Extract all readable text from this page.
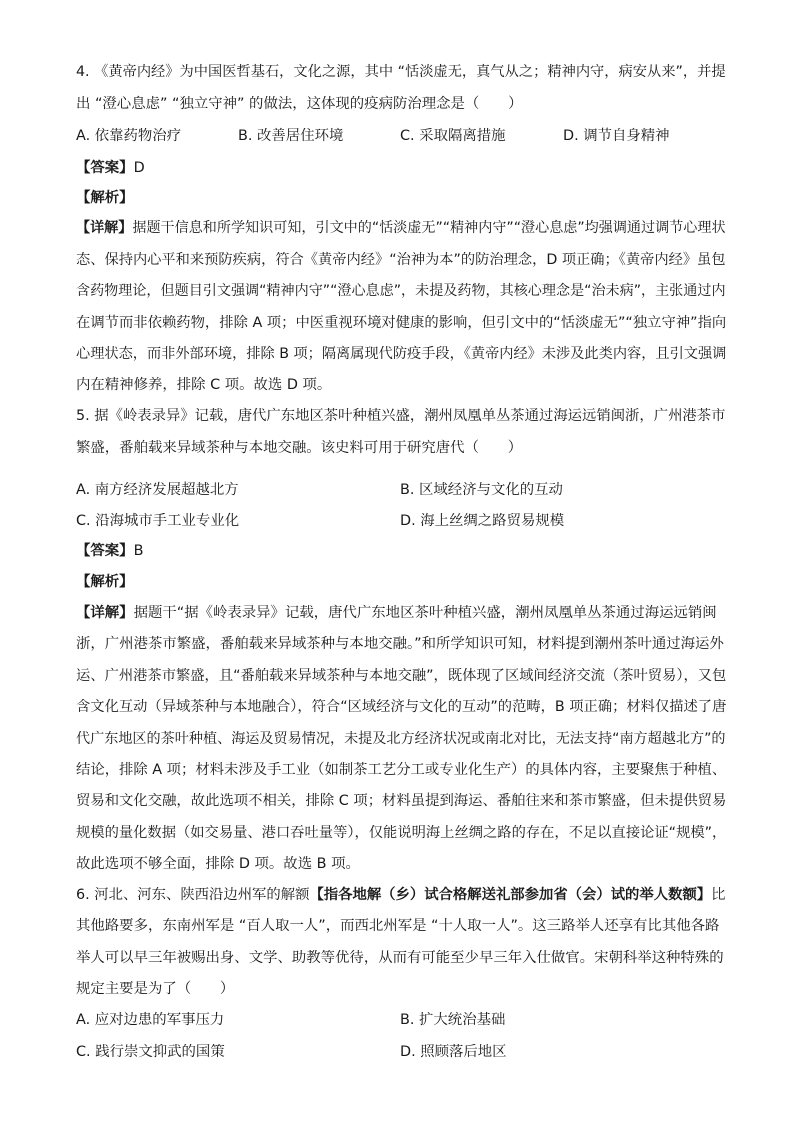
4. 《黄帝内经》为中国医哲基石，文化之源，其中 “恬淡虚无，真气从之；精神内守，病安从来”，并提
出 “澄心息虑” “独立守神” 的做法，这体现的疫病防治理念是（　　）
A. 依靠药物治疗	B. 改善居住环境	C. 采取隔离措施	D. 调节自身精神
【答案】D
【解析】
【详解】据题干信息和所学知识可知，引文中的“恬淡虚无”“精神内守”“澄心息虑”均强调通过调节心理状
态、保持内心平和来预防疾病，符合《黄帝内经》“治神为本”的防治理念，D 项正确；《黄帝内经》虽包
含药物理论，但题目引文强调“精神内守”“澄心息虑”，未提及药物，其核心理念是“治未病”，主张通过内
在调节而非依赖药物，排除 A 项；中医重视环境对健康的影响，但引文中的“恬淡虚无”“独立守神”指向
心理状态，而非外部环境，排除 B 项；隔离属现代防疫手段，《黄帝内经》未涉及此类内容，且引文强调
内在精神修养，排除 C 项。故选 D 项。
5. 据《岭表录异》记载，唐代广东地区茶叶种植兴盛，潮州凤凰单丛茶通过海运远销闽浙，广州港茶市
繁盛，番舶载来异域茶种与本地交融。该史料可用于研究唐代（　　）
A. 南方经济发展超越北方	B. 区域经济与文化的互动
C. 沿海城市手工业专业化	D. 海上丝绸之路贸易规模
【答案】B
【解析】
【详解】据题干“据《岭表录异》记载，唐代广东地区茶叶种植兴盛，潮州凤凰单丛茶通过海运远销闽
浙，广州港茶市繁盛，番舶载来异域茶种与本地交融。”和所学知识可知，材料提到潮州茶叶通过海运外
运、广州港茶市繁盛，且“番舶载来异域茶种与本地交融”，既体现了区域间经济交流（茶叶贸易），又包
含文化互动（异域茶种与本地融合），符合“区域经济与文化的互动”的范畴，B 项正确；材料仅描述了唐
代广东地区的茶叶种植、海运及贸易情况，未提及北方经济状况或南北对比，无法支持“南方超越北方”的
结论，排除 A 项；材料未涉及手工业（如制茶工艺分工或专业化生产）的具体内容，主要聚焦于种植、
贸易和文化交融，故此选项不相关，排除 C 项；材料虽提到海运、番舶往来和茶市繁盛，但未提供贸易
规模的量化数据（如交易量、港口吞吐量等），仅能说明海上丝绸之路的存在，不足以直接论证“规模”，
故此选项不够全面，排除 D 项。故选 B 项。
6. 河北、河东、陕西沿边州军的解额【指各地解（乡）试合格解送礼部参加省（会）试的举人数额】比
其他路要多，东南州军是 “百人取一人”，而西北州军是 “十人取一人”。这三路举人还享有比其他各路
举人可以早三年被赐出身、文学、助教等优待，从而有可能至少早三年入仕做官。宋朝科举这种特殊的
规定主要是为了（　　）
A. 应对边患的军事压力	B. 扩大统治基础
C. 践行崇文抑武的国策	D. 照顾落后地区
